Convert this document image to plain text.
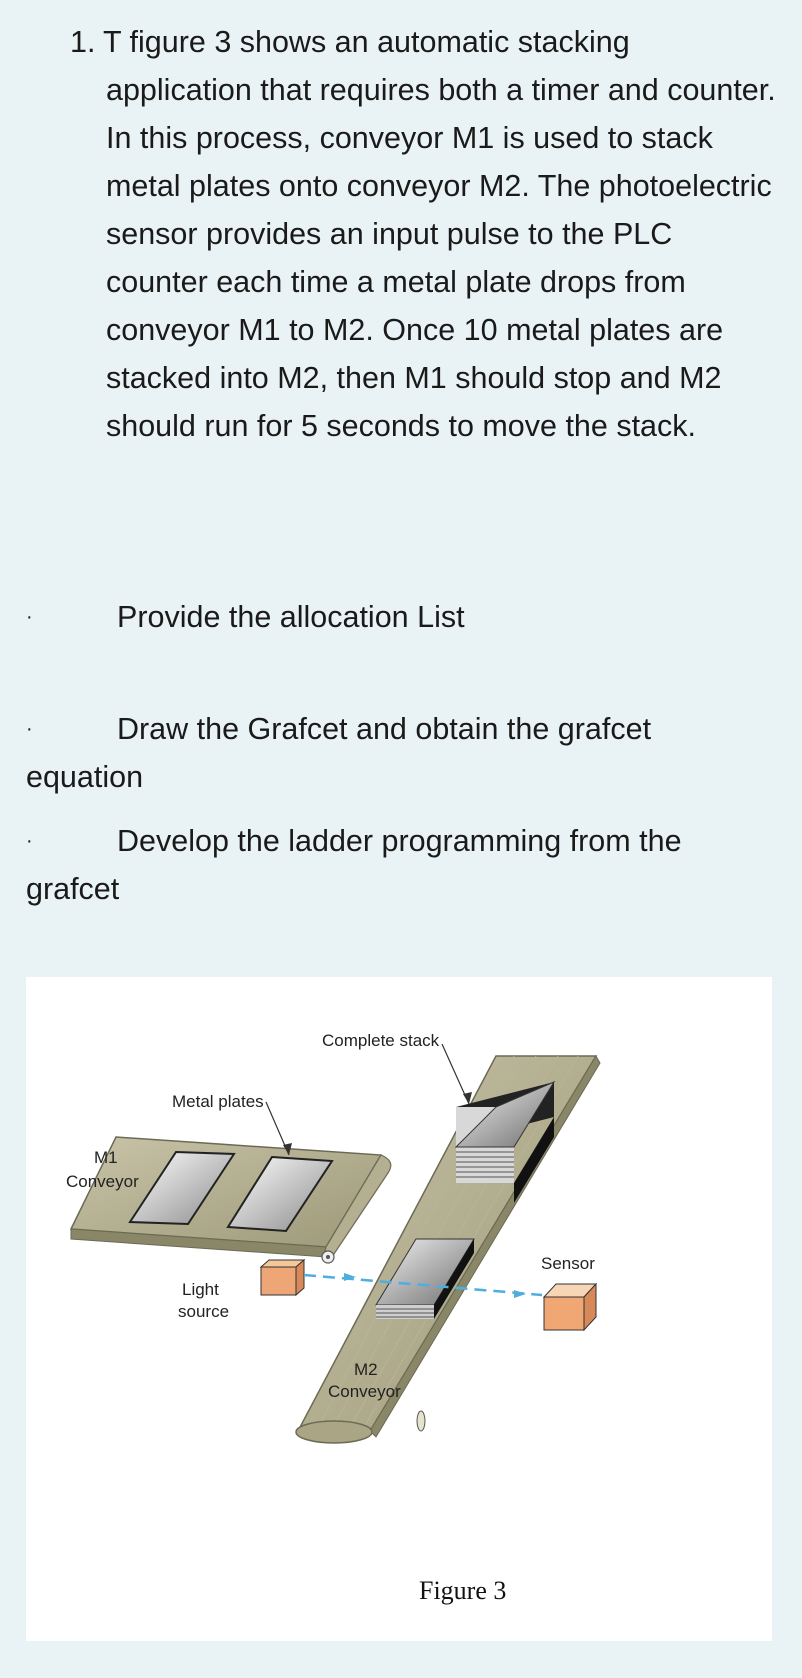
1. T figure 3 shows an automatic stacking application that requires both a timer and counter. In this process, conveyor M1 is used to stack metal plates onto conveyor M2. The photoelectric sensor provides an input pulse to the PLC counter each time a metal plate drops from conveyor M1 to M2. Once 10 metal plates are stacked into M2, then M1 should stop and M2 should run for 5 seconds to move the stack.
·	Provide the allocation List
·	Draw the Grafcet and obtain the grafcet equation
·	Develop the ladder programming from the grafcet
Complete stack
Metal plates
M1
Conveyor
Light
source
Sensor
M2
Conveyor
Figure 3
